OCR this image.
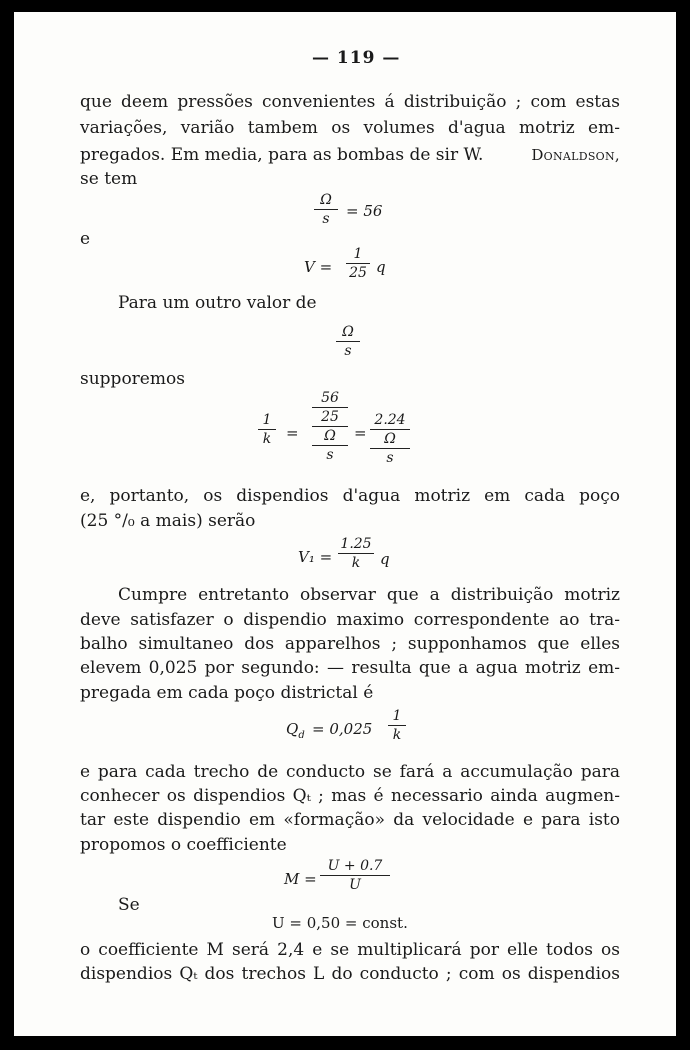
— 119 —
que deem pressões convenientes á distribuição ; com estas
variações, varião tambem os volumes d'agua motriz em-
pregados. Em media, para as bombas de sir W.	Donaldson,
se tem
Ω
s	= 56
e
V =
1
25 q
Para um outro valor de
Ω
s
supporemos
1
k =
56
25
Ω
s
=
2.24
Ω
s
e, portanto, os dispendios d'agua motriz em cada poço
(25 °/₀ a mais) serão
V₁ =
1.25
k	q
Cumpre entretanto observar que a distribuição motriz
deve satisfazer o dispendio maximo correspondente ao tra-
balho simultaneo dos apparelhos ; supponhamos que elles
elevem 0,025 por segundo: — resulta que a agua motriz em-
pregada em cada poço districtal é
$Q_d = 0,025$
1
k
e para cada trecho de conducto se fará a accumulação para
conhecer os dispendios Qₜ ; mas é necessario ainda augmen-
tar este dispendio em «formação» da velocidade e para isto
propomos o coefficiente
M =
U + 0.7
U
Se
U = 0,50 = const.
o coefficiente M será 2,4 e se multiplicará por elle todos os
dispendios Qₜ dos trechos L do conducto ; com os dispendios
